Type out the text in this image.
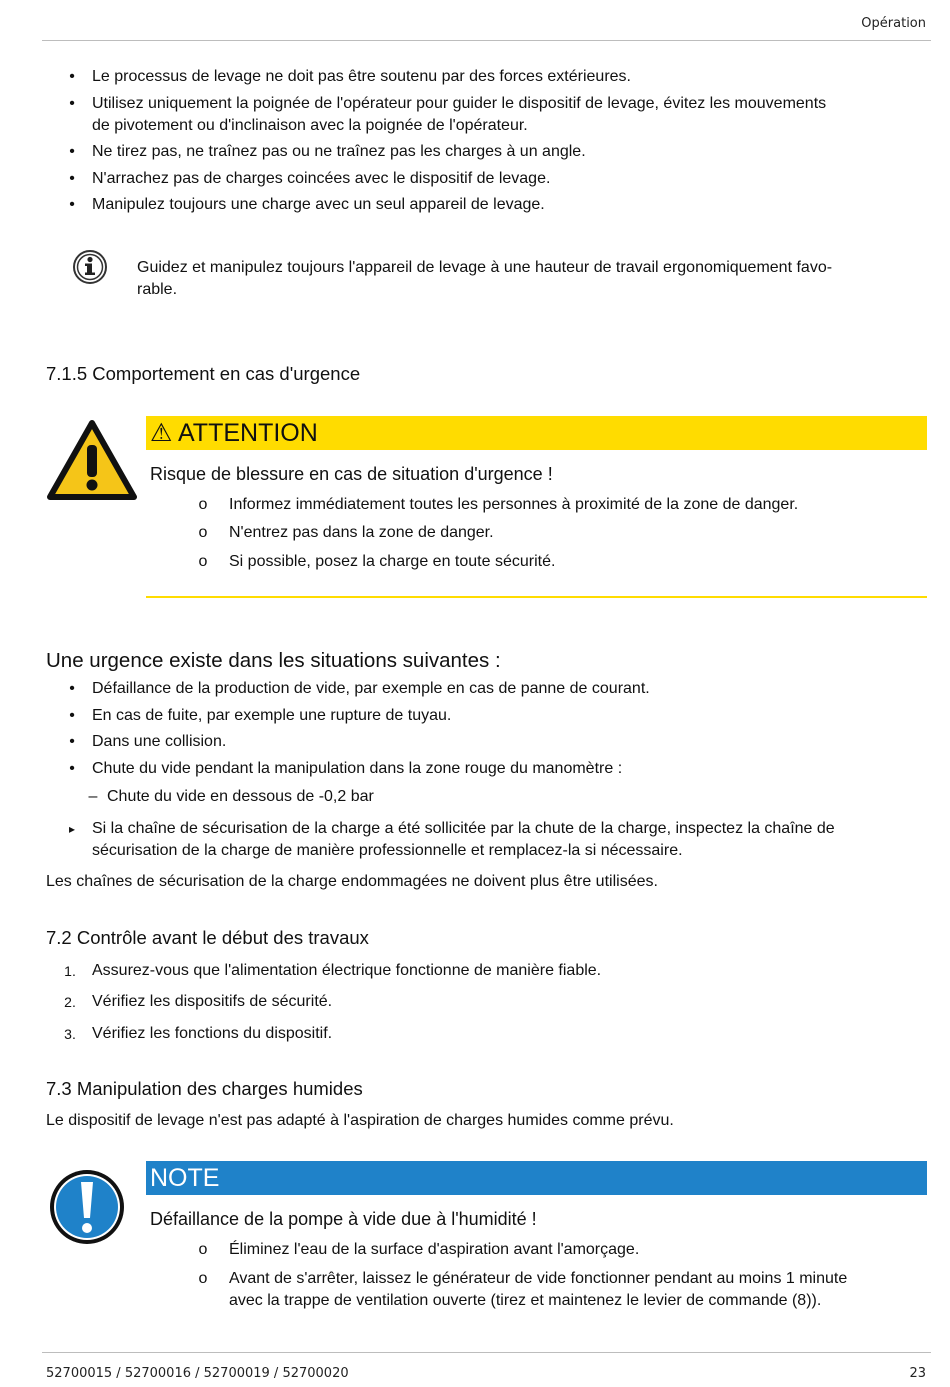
Opération
•	Le processus de levage ne doit pas être soutenu par des forces extérieures.
•	Utilisez uniquement la poignée de l'opérateur pour guider le dispositif de levage, évitez les mouvements
de pivotement ou d'inclinaison avec la poignée de l'opérateur.
•	Ne tirez pas, ne traînez pas ou ne traînez pas les charges à un angle.
•	N'arrachez pas de charges coincées avec le dispositif de levage.
•	Manipulez toujours une charge avec un seul appareil de levage.
Guidez et manipulez toujours l'appareil de levage à une hauteur de travail ergonomiquement favo-
rable.
7.1.5 Comportement en cas d'urgence
⚠ ATTENTION
Risque de blessure en cas de situation d'urgence !
o	Informez immédiatement toutes les personnes à proximité de la zone de danger.
o	N'entrez pas dans la zone de danger.
o	Si possible, posez la charge en toute sécurité.
Une urgence existe dans les situations suivantes :
•	Défaillance de la production de vide, par exemple en cas de panne de courant.
•	En cas de fuite, par exemple une rupture de tuyau.
•	Dans une collision.
•	Chute du vide pendant la manipulation dans la zone rouge du manomètre :
– Chute du vide en dessous de -0,2 bar
▸	Si la chaîne de sécurisation de la charge a été sollicitée par la chute de la charge, inspectez la chaîne de
sécurisation de la charge de manière professionnelle et remplacez-la si nécessaire.
Les chaînes de sécurisation de la charge endommagées ne doivent plus être utilisées.
7.2 Contrôle avant le début des travaux
1. Assurez-vous que l'alimentation électrique fonctionne de manière fiable.
2. Vérifiez les dispositifs de sécurité.
3. Vérifiez les fonctions du dispositif.
7.3 Manipulation des charges humides
Le dispositif de levage n'est pas adapté à l'aspiration de charges humides comme prévu.
NOTE
Défaillance de la pompe à vide due à l'humidité !
o	Éliminez l'eau de la surface d'aspiration avant l'amorçage.
o	Avant de s'arrêter, laissez le générateur de vide fonctionner pendant au moins 1 minute
avec la trappe de ventilation ouverte (tirez et maintenez le levier de commande (8)).
52700015 / 52700016 / 52700019 / 52700020	23
